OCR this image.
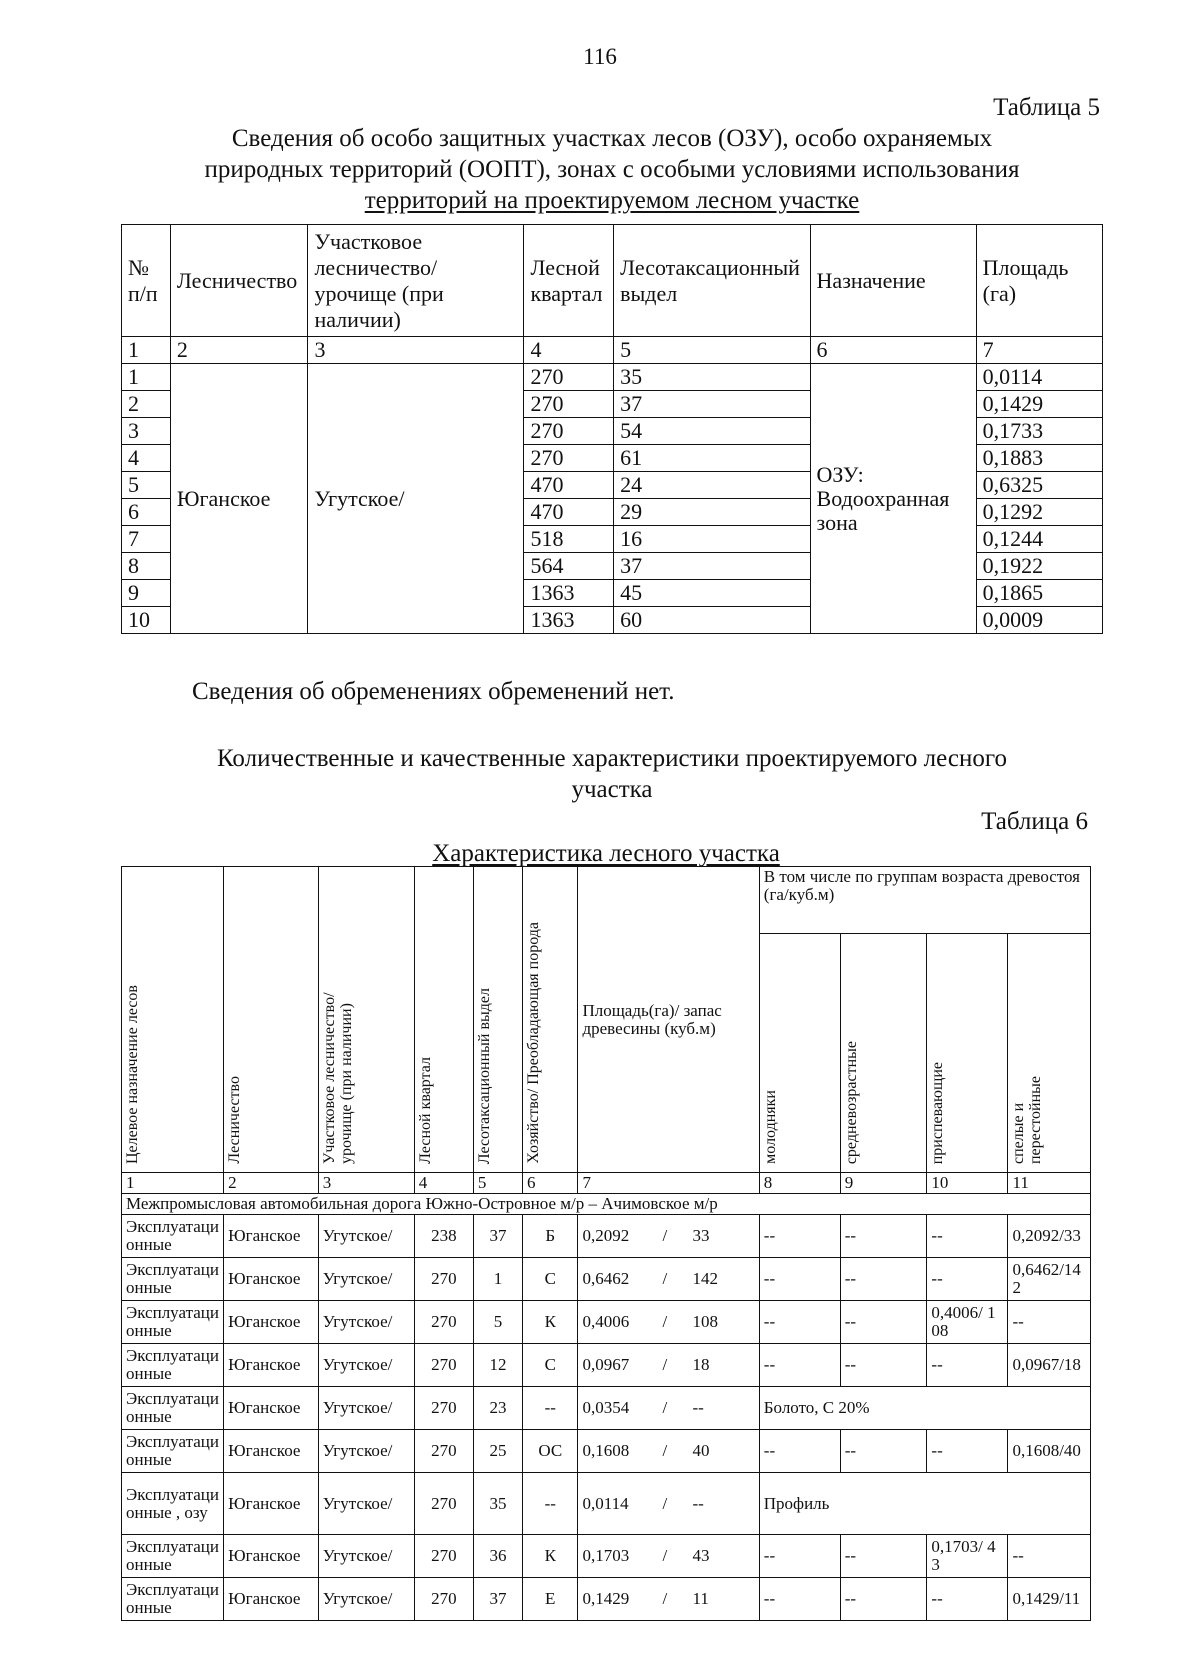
116
Таблица 5
Сведения об особо защитных участках лесов (ОЗУ), особо охраняемых
природных территорий (ООПТ), зонах с особыми условиями использования
территорий на проектируемом лесном участке
№ п/п	Лесничество	Участковое лесничество/урочище (при наличии)	Лесной квартал	Лесотаксационный выдел	Назначение	Площадь (га)
1	2	3	4	5	6	7
1	Юганское	Угутское/	270	35	ОЗУ: Водоохранная зона	0,0114
2			270	37		0,1429
3			270	54		0,1733
4			270	61		0,1883
5			470	24		0,6325
6			470	29		0,1292
7			518	16		0,1244
8			564	37		0,1922
9			1363	45		0,1865
10			1363	60		0,0009
Сведения об обременениях обременений нет.
Количественные и качественные характеристики проектируемого лесного
участка
Таблица 6
Характеристика лесного участка
Целевое назначение лесов	Лесничество	Участковое лесничество/урочище (при наличии)	Лесной квартал	Лесотаксационный выдел	Хозяйство/ Преобладающая порода	Площадь(га)/ запас древесины (куб.м)	В том числе по группам возраста древостоя (га/куб.м)			
							молодняки	средневозрастные	приспевающие	спелые и перестойные
1	2	3	4	5	6	7	8	9	10	11
Межпромысловая автомобильная дорога Южно-Островное м/р – Ачимовское м/р										
Эксплуатационные	Юганское	Угутское/	238	37	Б	0,2092 / 33	--	--	--	0,2092/33
Эксплуатационные	Юганское	Угутское/	270	1	С	0,6462 / 142	--	--	--	0,6462/142
Эксплуатационные	Юганское	Угутское/	270	5	К	0,4006 / 108	--	--	0,4006/ 108	--
Эксплуатационные	Юганское	Угутское/	270	12	С	0,0967 / 18	--	--	--	0,0967/18
Эксплуатационные	Юганское	Угутское/	270	23	--	0,0354 / --	Болото, С 20%			
Эксплуатационные	Юганское	Угутское/	270	25	ОС	0,1608 / 40	--	--	--	0,1608/40
Эксплуатационные , озу	Юганское	Угутское/	270	35	--	0,0114 / --	Профиль			
Эксплуатационные	Юганское	Угутское/	270	36	К	0,1703 / 43	--	--	0,1703/ 43	--
Эксплуатационные	Юганское	Угутское/	270	37	Е	0,1429 / 11	--	--	--	0,1429/11
